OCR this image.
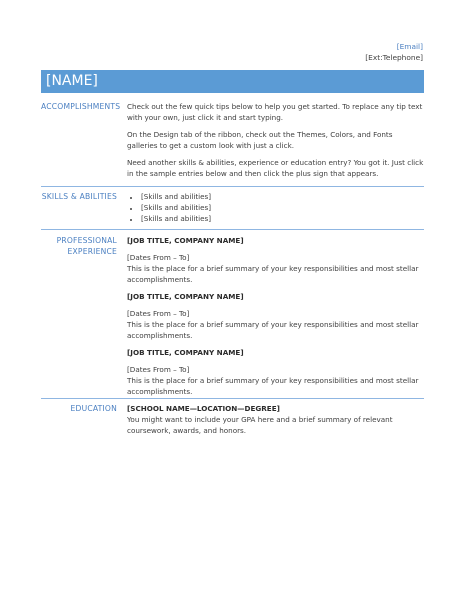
[Email]
[Ext:Telephone]
[NAME]
ACCOMPLISHMENTS Check out the few quick tips below to help you get started. To replace any tip text with your own, just click it and start typing.

On the Design tab of the ribbon, check out the Themes, Colors, and Fonts galleries to get a custom look with just a click.

Need another skills & abilities, experience or education entry? You got it. Just click in the sample entries below and then click the plus sign that appears.

SKILLS & ABILITIES
•	[Skills and abilities]
• [Skills and abilities]
• [Skills and abilities]
PROFESSIONAL
EXPERIENCE

[JOB TITLE, COMPANY NAME]

[Dates From – To]

This is the place for a brief summary of your key responsibilities and most stellar accomplishments.

[JOB TITLE, COMPANY NAME]

[Dates From – To]

This is the place for a brief summary of your key responsibilities and most stellar accomplishments.

[JOB TITLE, COMPANY NAME]

[Dates From – To]

This is the place for a brief summary of your key responsibilities and most stellar accomplishments.

EDUCATION [SCHOOL NAME—LOCATION—DEGREE]

You might want to include your GPA here and a brief summary of relevant coursework, awards, and honors.
